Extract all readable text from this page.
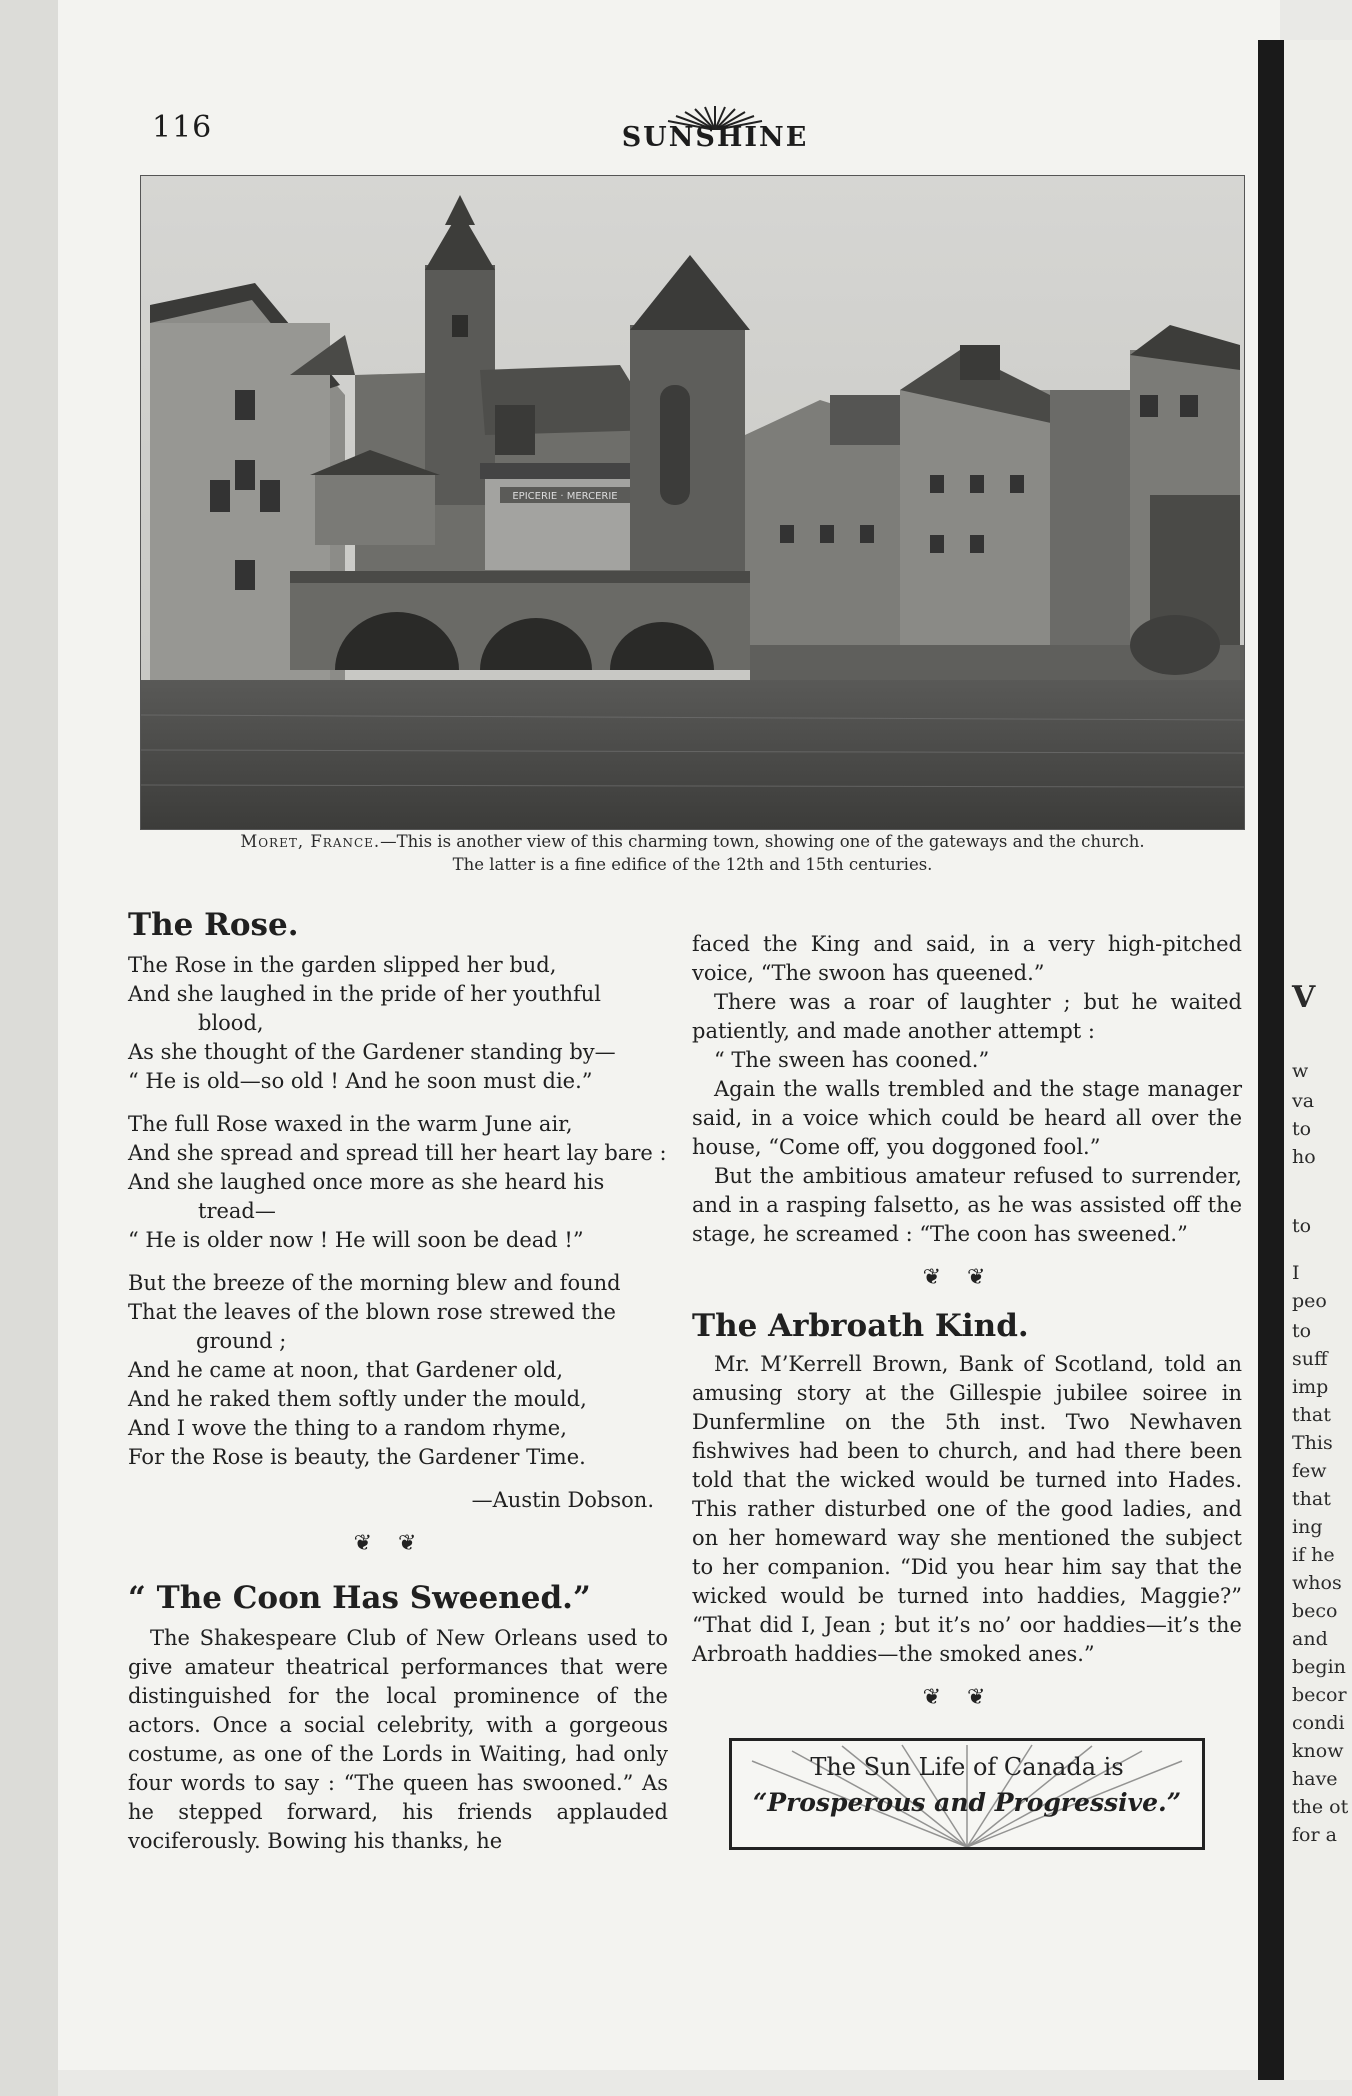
116	SUNSHINE
EPICERIE · MERCERIE
Moret, France.—This is another view of this charming town, showing one of the gateways and the church.
The latter is a fine edifice of the 12th and 15th centuries.
The Rose.
The Rose in the garden slipped her bud,
And she laughed in the pride of her youthful
blood,
As she thought of the Gardener standing by—
“ He is old—so old ! And he soon must die.”
The full Rose waxed in the warm June air,
And she spread and spread till her heart lay bare :
And she laughed once more as she heard his
tread—
“ He is older now ! He will soon be dead !”
But the breeze of the morning blew and found
That the leaves of the blown rose strewed the
ground ;
And he came at noon, that Gardener old,
And he raked them softly under the mould,
And I wove the thing to a random rhyme,
For the Rose is beauty, the Gardener Time.
—Austin Dobson.
❦❦
“ The Coon Has Sweened.”

The Shakespeare Club of New Orleans used to give amateur theatrical performances that were distinguished for the local prominence of the actors. Once a social celebrity, with a gorgeous costume, as one of the Lords in Waiting, had only four words to say : “The queen has swooned.” As he stepped forward, his friends applauded vociferously. Bowing his thanks, he

faced the King and said, in a very high-pitched voice, “The swoon has queened.”

There was a roar of laughter ; but he waited patiently, and made another attempt :

“ The sween has cooned.”

Again the walls trembled and the stage manager said, in a voice which could be heard all over the house, “Come off, you doggoned fool.”

But the ambitious amateur refused to surrender, and in a rasping falsetto, as he was assisted off the stage, he screamed : “The coon has sweened.”

❦❦
The Arbroath Kind.

Mr. M’Kerrell Brown, Bank of Scotland, told an amusing story at the Gillespie jubilee soiree in Dunfermline on the 5th inst. Two Newhaven fishwives had been to church, and had there been told that the wicked would be turned into Hades. This rather disturbed one of the good ladies, and on her homeward way she mentioned the subject to her companion. “Did you hear him say that the wicked would be turned into haddies, Maggie?” “That did I, Jean ; but it’s no’ oor haddies—it’s the Arbroath haddies—the smoked anes.”

❦❦
The Sun Life of Canada is
“Prosperous and Progressive.”
V
w
va
to
ho
to
I
peo
to
suff
imp
that
This
few
that
ing
if he
whos
beco
and
begin
becor
condi
know
have
the ot
for a
